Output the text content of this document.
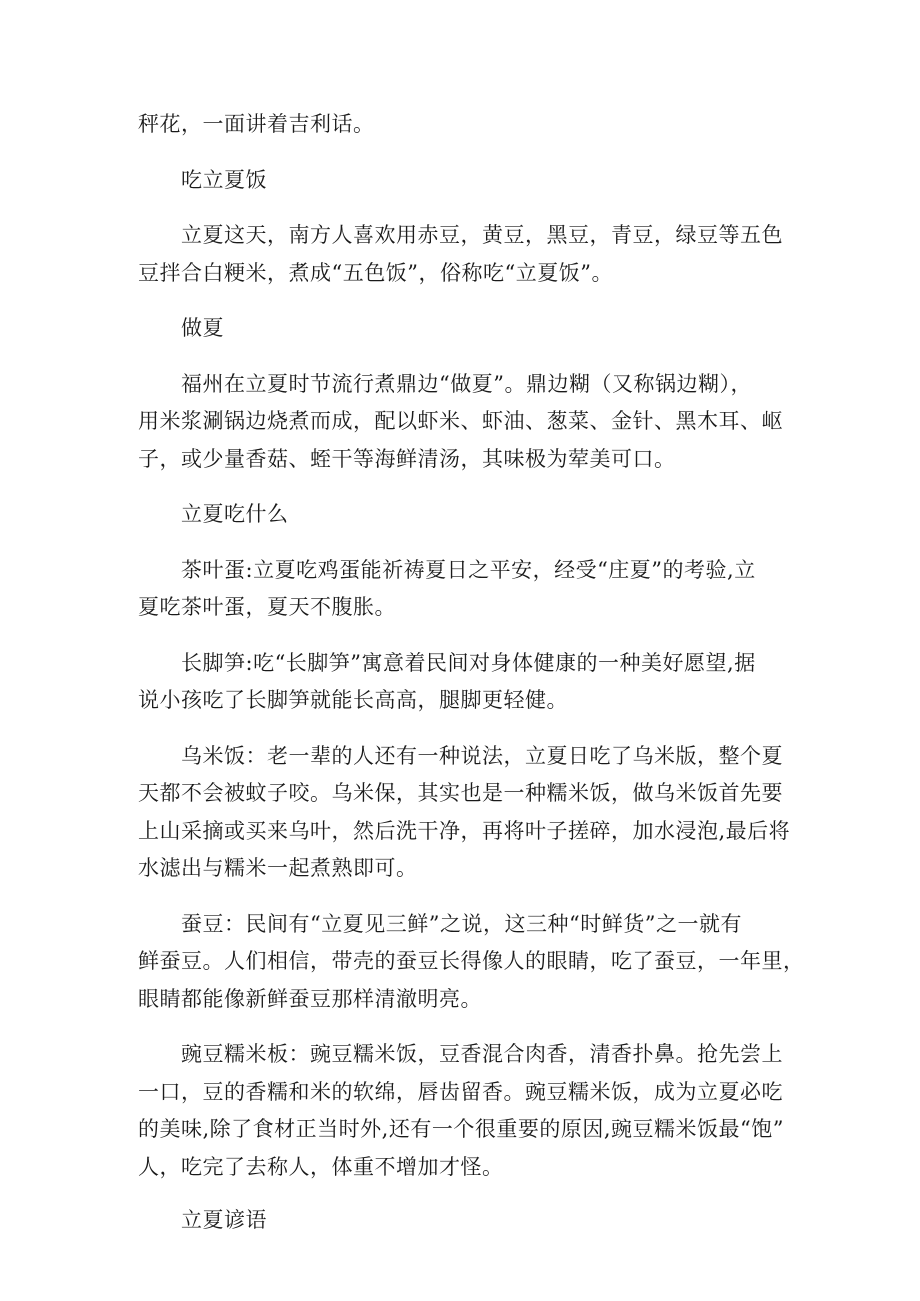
秤花，一面讲着吉利话。
吃立夏饭
立夏这天，南方人喜欢用赤豆，黄豆，黑豆，青豆，绿豆等五色
豆拌合白粳米，煮成“五色饭”，俗称吃“立夏饭”。
做夏
福州在立夏时节流行煮鼎边“做夏”。鼎边糊（又称锅边糊），
用米浆涮锅边烧煮而成，配以虾米、虾油、葱菜、金针、黑木耳、岖
子，或少量香菇、蛭干等海鲜清汤，其味极为荤美可口。
立夏吃什么
茶叶蛋:立夏吃鸡蛋能祈祷夏日之平安，经受“庄夏”的考验,立
夏吃茶叶蛋，夏天不腹胀。
长脚笋:吃“长脚笋”寓意着民间对身体健康的一种美好愿望,据
说小孩吃了长脚笋就能长高高，腿脚更轻健。
乌米饭：老一辈的人还有一种说法，立夏日吃了乌米版，整个夏
天都不会被蚊子咬。乌米保，其实也是一种糯米饭，做乌米饭首先要
上山采摘或买来乌叶，然后洗干净，再将叶子搓碎，加水浸泡,最后将
水滤出与糯米一起煮熟即可。
蚕豆：民间有“立夏见三鲜”之说，这三种“时鲜货”之一就有
鲜蚕豆。人们相信，带壳的蚕豆长得像人的眼睛，吃了蚕豆，一年里，
眼睛都能像新鲜蚕豆那样清澈明亮。
豌豆糯米板：豌豆糯米饭，豆香混合肉香，清香扑鼻。抢先尝上
一口，豆的香糯和米的软绵，唇齿留香。豌豆糯米饭，成为立夏必吃
的美味,除了食材正当时外,还有一个很重要的原因,豌豆糯米饭最“饱”
人，吃完了去称人，体重不增加才怪。
立夏谚语
